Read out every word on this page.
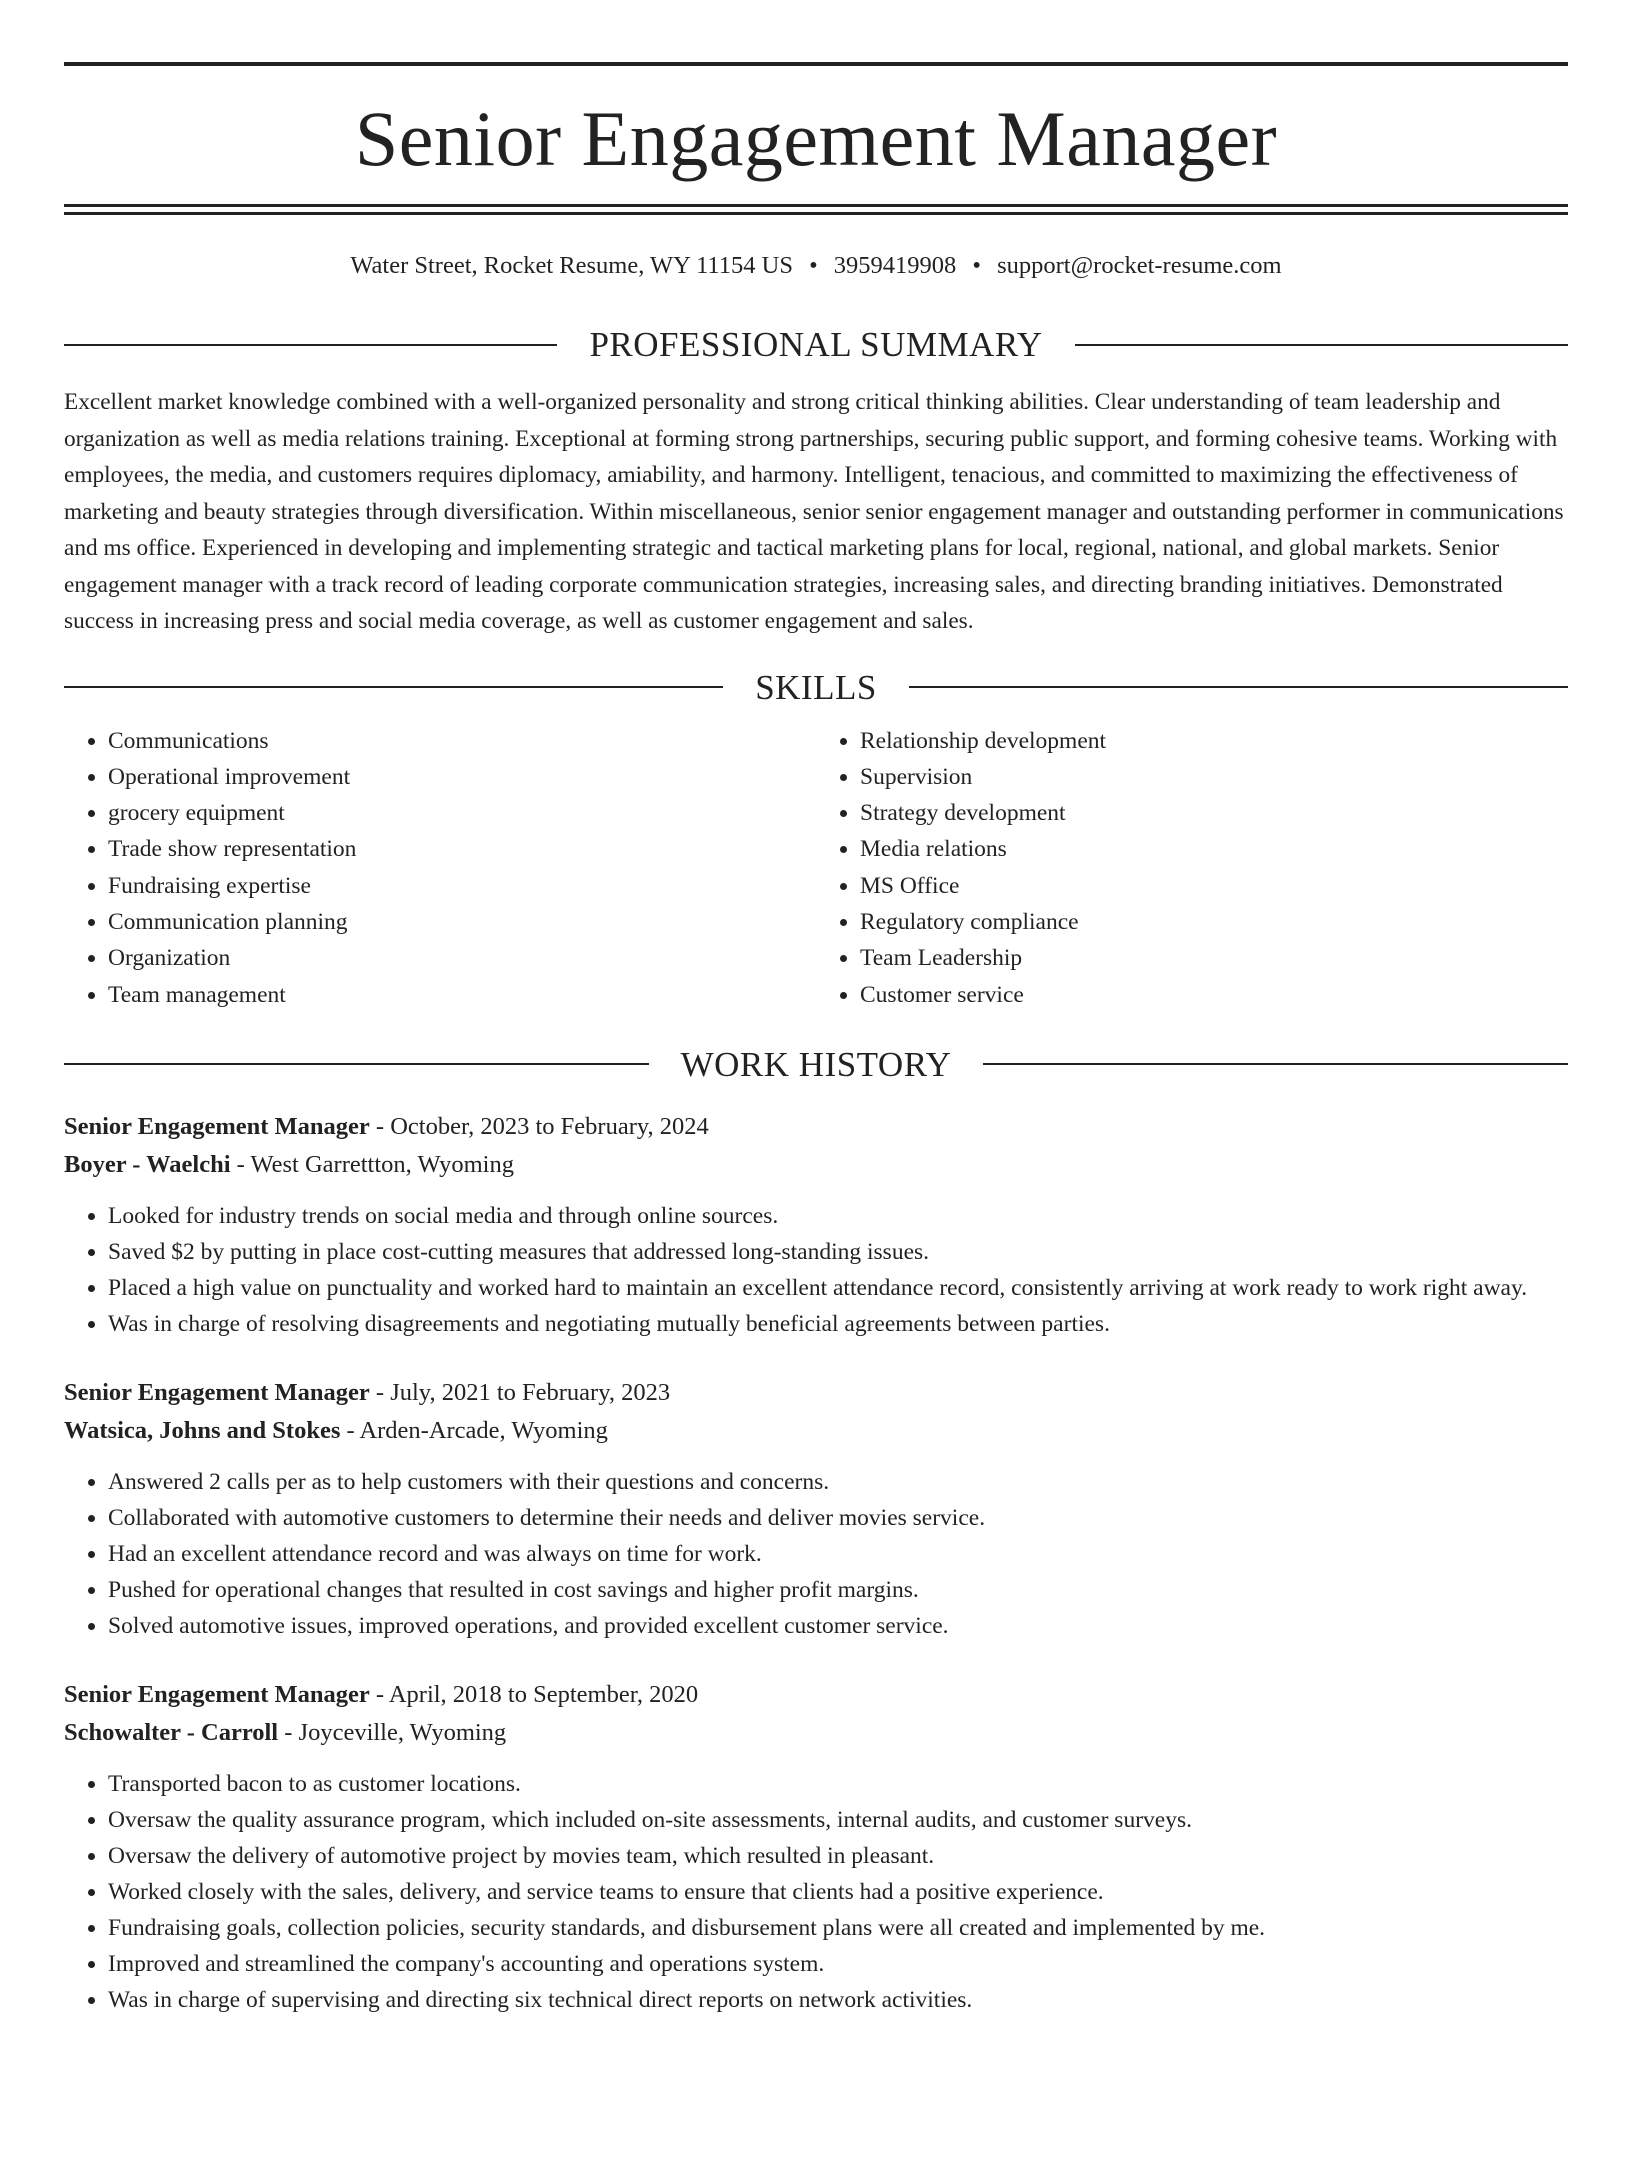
Senior Engagement Manager
Water Street, Rocket Resume, WY 11154 US • 3959419908 • support@rocket-resume.com
PROFESSIONAL SUMMARY

Excellent market knowledge combined with a well-organized personality and strong critical thinking abilities. Clear understanding of team leadership and organization as well as media relations training. Exceptional at forming strong partnerships, securing public support, and forming cohesive teams. Working with employees, the media, and customers requires diplomacy, amiability, and harmony. Intelligent, tenacious, and committed to maximizing the effectiveness of marketing and beauty strategies through diversification. Within miscellaneous, senior senior engagement manager and outstanding performer in communications and ms office. Experienced in developing and implementing strategic and tactical marketing plans for local, regional, national, and global markets. Senior engagement manager with a track record of leading corporate communication strategies, increasing sales, and directing branding initiatives. Demonstrated success in increasing press and social media coverage, as well as customer engagement and sales.

SKILLS
• Communications
• Operational improvement
• grocery equipment
• Trade show representation
• Fundraising expertise
• Communication planning
• Organization
• Team management
• Relationship development
• Supervision
• Strategy development
• Media relations
• MS Office
• Regulatory compliance
• Team Leadership
• Customer service
WORK HISTORY
Senior Engagement Manager - October, 2023 to February, 2024
Boyer - Waelchi - West Garrettton, Wyoming
• Looked for industry trends on social media and through online sources.
• Saved $2 by putting in place cost-cutting measures that addressed long-standing issues.
• Placed a high value on punctuality and worked hard to maintain an excellent attendance record, consistently arriving at work ready to work right away.
• Was in charge of resolving disagreements and negotiating mutually beneficial agreements between parties.
Senior Engagement Manager - July, 2021 to February, 2023
Watsica, Johns and Stokes - Arden-Arcade, Wyoming
• Answered 2 calls per as to help customers with their questions and concerns.
• Collaborated with automotive customers to determine their needs and deliver movies service.
• Had an excellent attendance record and was always on time for work.
• Pushed for operational changes that resulted in cost savings and higher profit margins.
• Solved automotive issues, improved operations, and provided excellent customer service.
Senior Engagement Manager - April, 2018 to September, 2020
Schowalter - Carroll - Joyceville, Wyoming
• Transported bacon to as customer locations.
• Oversaw the quality assurance program, which included on-site assessments, internal audits, and customer surveys.
• Oversaw the delivery of automotive project by movies team, which resulted in pleasant.
• Worked closely with the sales, delivery, and service teams to ensure that clients had a positive experience.
• Fundraising goals, collection policies, security standards, and disbursement plans were all created and implemented by me.
• Improved and streamlined the company's accounting and operations system.
• Was in charge of supervising and directing six technical direct reports on network activities.
